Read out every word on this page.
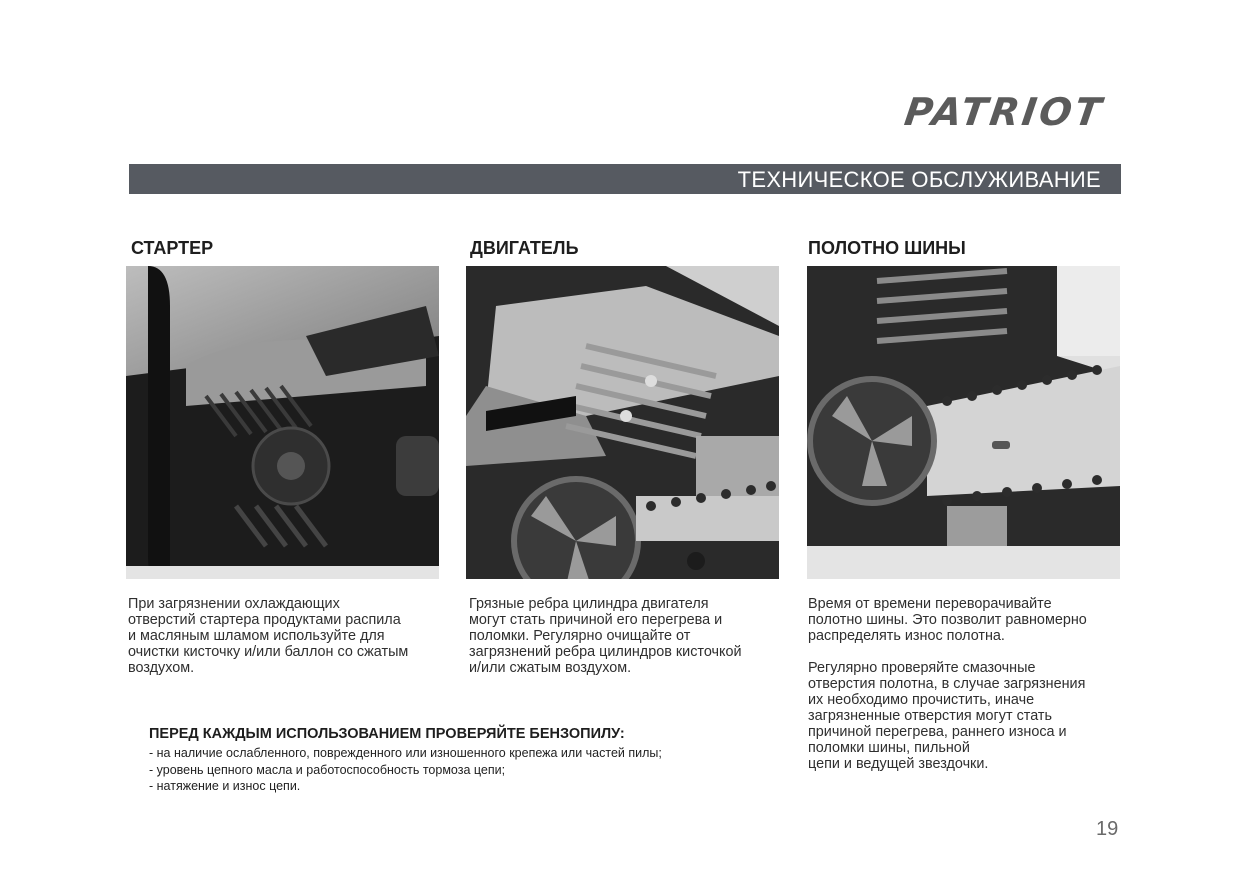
PATRIOT
ТЕХНИЧЕСКОЕ ОБСЛУЖИВАНИЕ
СТАРТЕР
При загрязнении охлаждающих
отверстий стартера продуктами распила
и масляным шламом используйте для
очистки кисточку и/или баллон со сжатым
воздухом.
ДВИГАТЕЛЬ
Грязные ребра цилиндра двигателя
могут стать причиной его перегрева и
поломки. Регулярно очищайте от
загрязнений ребра цилиндров кисточкой
и/или сжатым воздухом.
ПОЛОТНО ШИНЫ
Время от времени переворачивайте
полотно шины. Это позволит равномерно
распределять износ полотна.
Регулярно проверяйте смазочные
отверстия полотна, в случае загрязнения
их необходимо прочистить, иначе
загрязненные отверстия могут стать
причиной перегрева, раннего износа и
поломки шины, пильной
цепи и ведущей звездочки.
ПЕРЕД КАЖДЫМ ИСПОЛЬЗОВАНИЕМ ПРОВЕРЯЙТЕ БЕНЗОПИЛУ:
- на наличие ослабленного, поврежденного или изношенного крепежа или частей пилы;
- уровень цепного масла и работоспособность тормоза цепи;
- натяжение и износ цепи.
19
